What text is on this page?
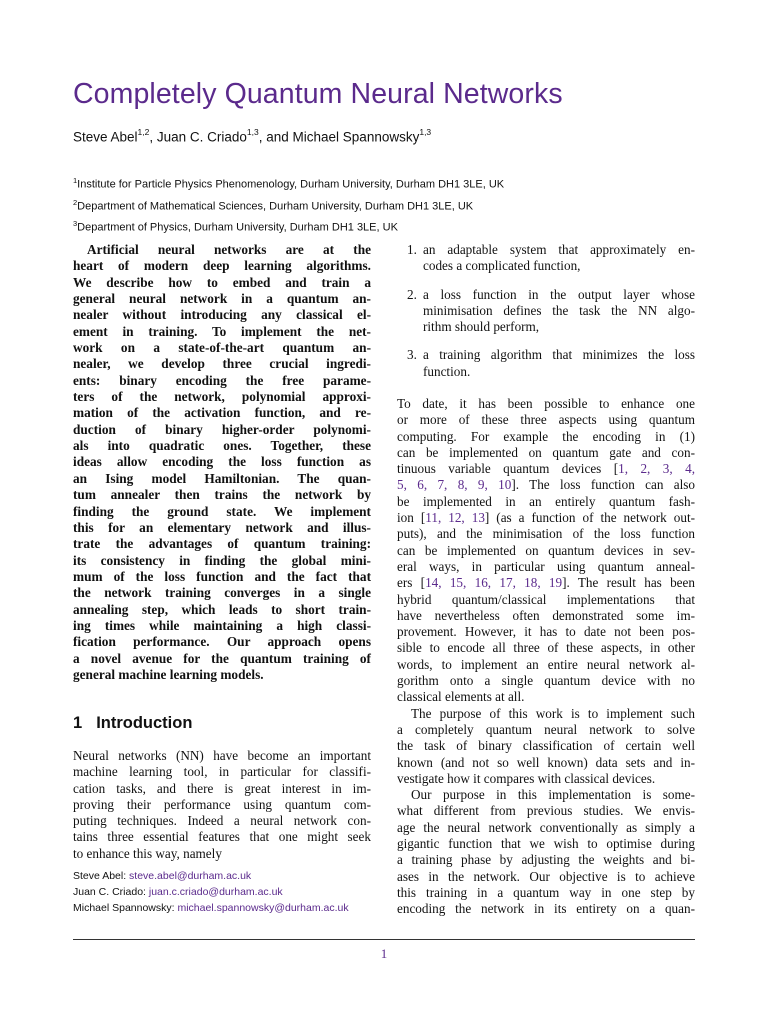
Completely Quantum Neural Networks
Steve Abel$^{1,2}$, Juan C. Criado$^{1,3}$, and Michael Spannowsky$^{1,3}$
$^1$Institute for Particle Physics Phenomenology, Durham University, Durham DH1 3LE, UK
$^2$Department of Mathematical Sciences, Durham University, Durham DH1 3LE, UK
$^3$Department of Physics, Durham University, Durham DH1 3LE, UK
Artificial neural networks are at the
heart of modern deep learning algorithms.
We describe how to embed and train a
general neural network in a quantum an-
nealer without introducing any classical el-
ement in training. To implement the net-
work on a state-of-the-art quantum an-
nealer, we develop three crucial ingredi-
ents: binary encoding the free parame-
ters of the network, polynomial approxi-
mation of the activation function, and re-
duction of binary higher-order polynomi-
als into quadratic ones. Together, these
ideas allow encoding the loss function as
an Ising model Hamiltonian. The quan-
tum annealer then trains the network by
finding the ground state. We implement
this for an elementary network and illus-
trate the advantages of quantum training:
its consistency in finding the global mini-
mum of the loss function and the fact that
the network training converges in a single
annealing step, which leads to short train-
ing times while maintaining a high classi-
fication performance. Our approach opens
a novel avenue for the quantum training of
general machine learning models.
1 Introduction
Neural networks (NN) have become an important
machine learning tool, in particular for classifi-
cation tasks, and there is great interest in im-
proving their performance using quantum com-
puting techniques. Indeed a neural network con-
tains three essential features that one might seek
to enhance this way, namely
Steve Abel: steve.abel@durham.ac.uk
Juan C. Criado: juan.c.criado@durham.ac.uk
Michael Spannowsky: michael.spannowsky@durham.ac.uk
1. an adaptable system that approximately en-
codes a complicated function,
2. a loss function in the output layer whose
minimisation defines the task the NN algo-
rithm should perform,
3. a training algorithm that minimizes the loss
function.
To date, it has been possible to enhance one
or more of these three aspects using quantum
computing. For example the encoding in (1)
can be implemented on quantum gate and con-
tinuous variable quantum devices [1, 2, 3, 4,
5, 6, 7, 8, 9, 10]. The loss function can also
be implemented in an entirely quantum fash-
ion [11, 12, 13] (as a function of the network out-
puts), and the minimisation of the loss function
can be implemented on quantum devices in sev-
eral ways, in particular using quantum anneal-
ers [14, 15, 16, 17, 18, 19]. The result has been
hybrid quantum/classical implementations that
have nevertheless often demonstrated some im-
provement. However, it has to date not been pos-
sible to encode all three of these aspects, in other
words, to implement an entire neural network al-
gorithm onto a single quantum device with no
classical elements at all.
The purpose of this work is to implement such
a completely quantum neural network to solve
the task of binary classification of certain well
known (and not so well known) data sets and in-
vestigate how it compares with classical devices.
Our purpose in this implementation is some-
what different from previous studies. We envis-
age the neural network conventionally as simply a
gigantic function that we wish to optimise during
a training phase by adjusting the weights and bi-
ases in the network. Our objective is to achieve
this training in a quantum way in one step by
encoding the network in its entirety on a quan-
1
